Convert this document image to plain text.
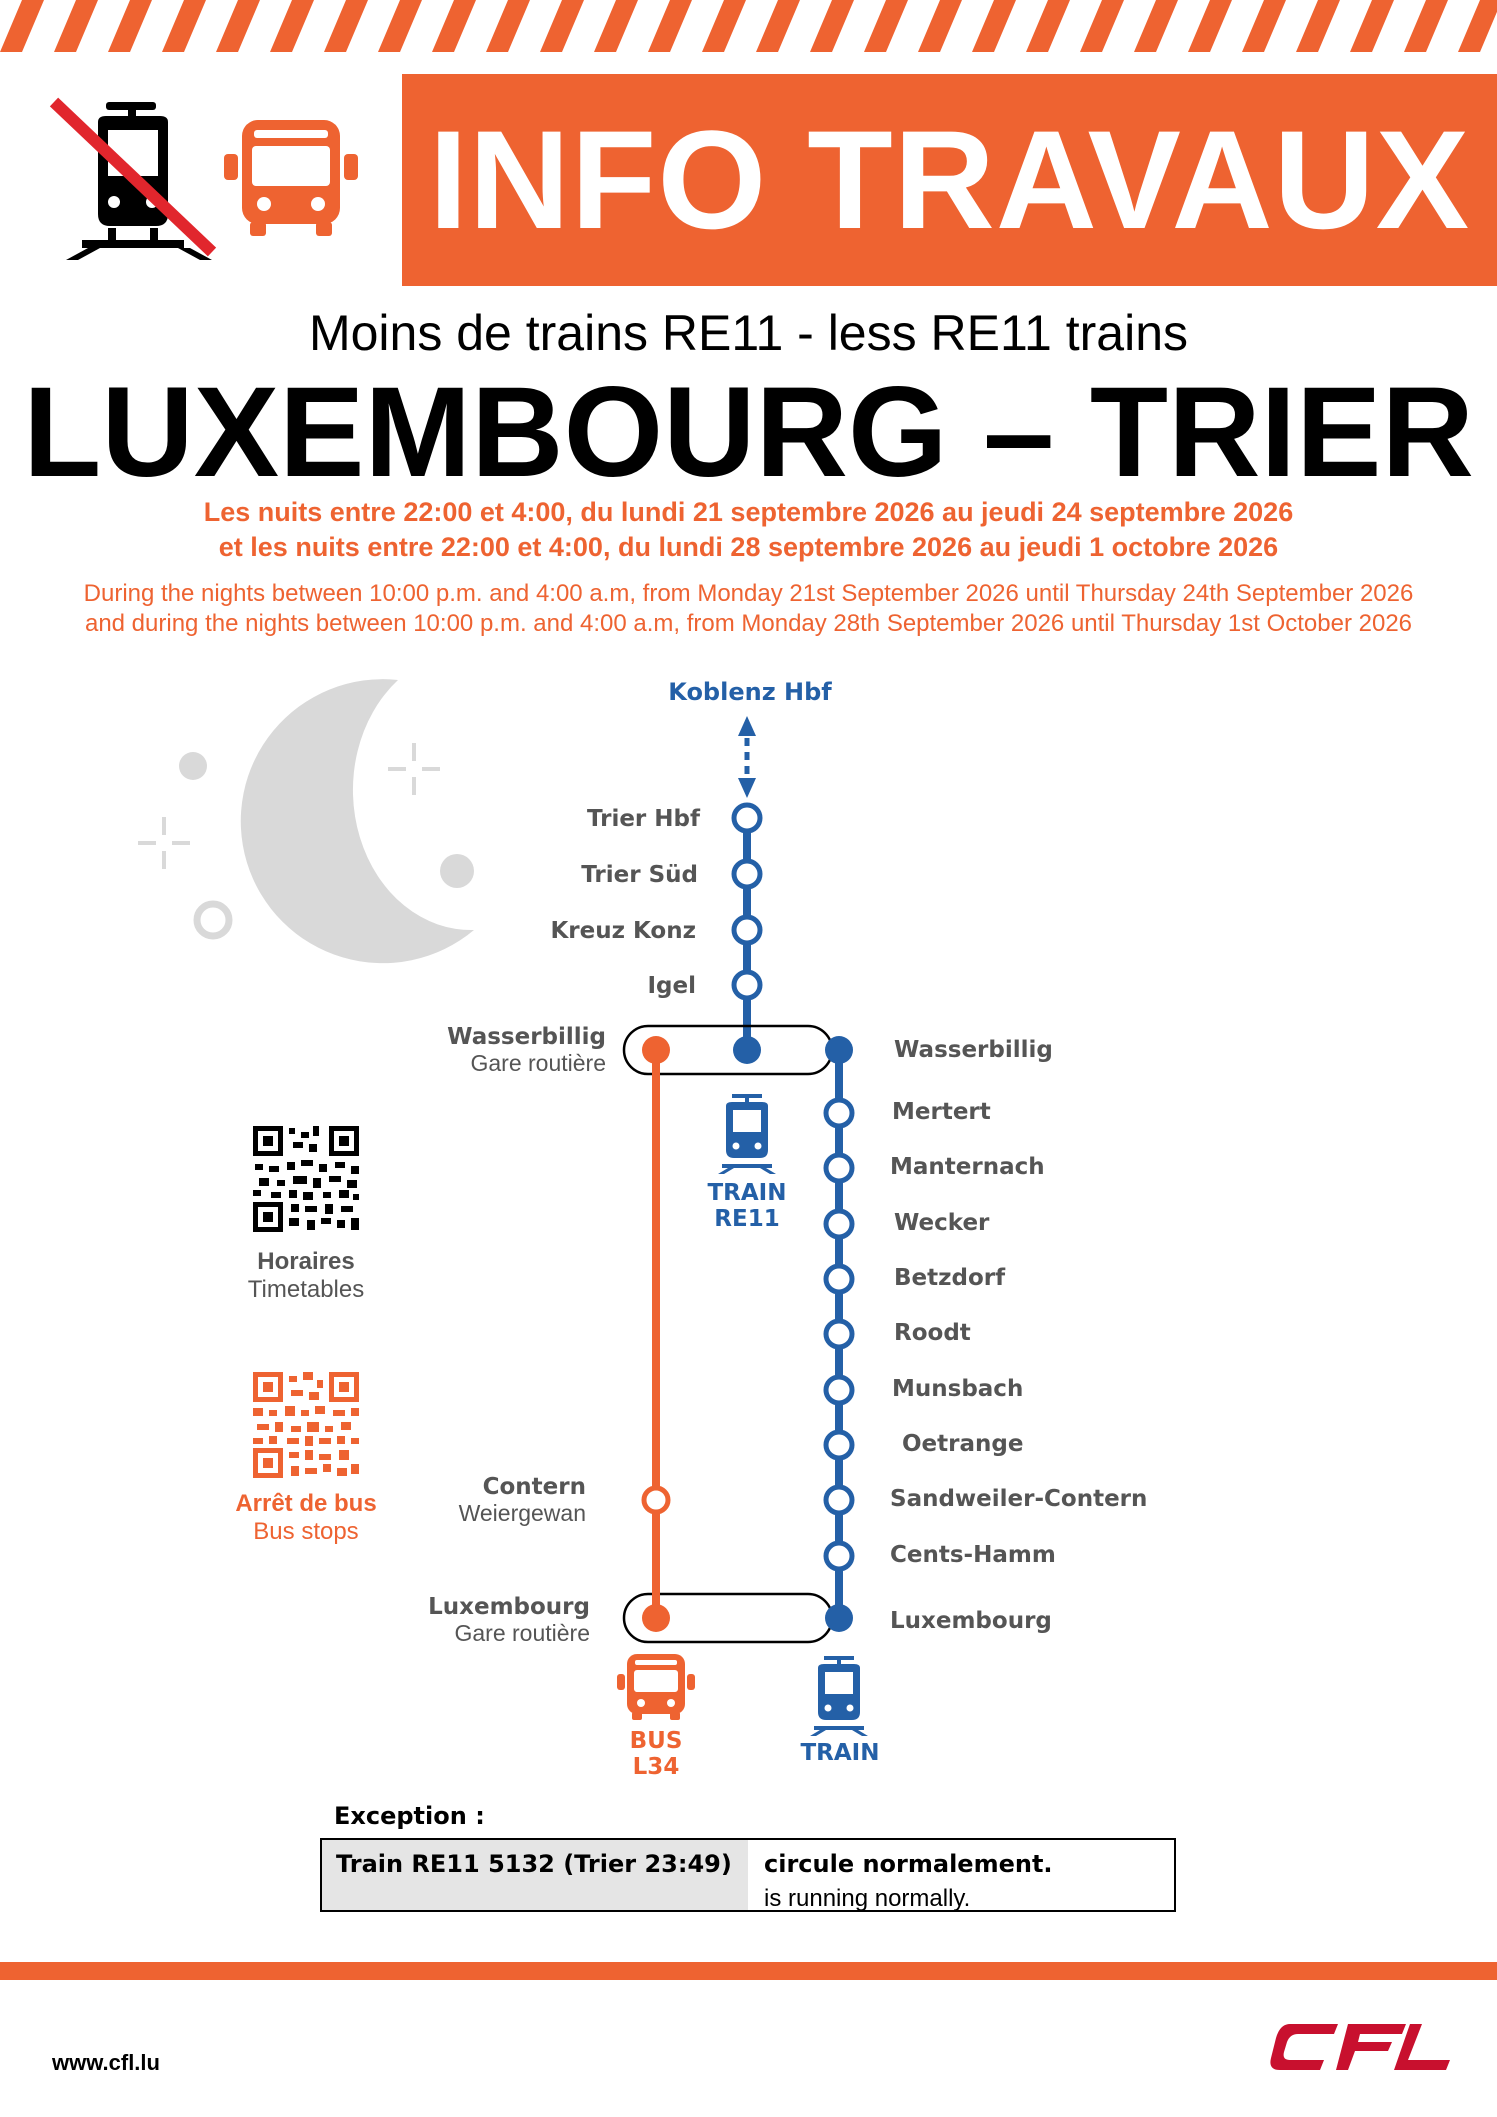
INFO TRAVAUX
Moins de trains RE11 - less RE11 trains
LUXEMBOURG – TRIER
Les nuits entre 22:00 et 4:00, du lundi 21 septembre 2026 au jeudi 24 septembre 2026
et les nuits entre 22:00 et 4:00, du lundi 28 septembre 2026 au jeudi 1 octobre 2026
During the nights between 10:00 p.m. and 4:00 a.m, from Monday 21st September 2026 until Thursday 24th September 2026
and during the nights between 10:00 p.m. and 4:00 a.m, from Monday 28th September 2026 until Thursday 1st October 2026
Koblenz Hbf
Trier Hbf
Trier Süd
Kreuz Konz
Igel
Wasserbillig
Gare routière
Contern
Weiergewan
Luxembourg
Gare routière
Wasserbillig
Mertert
Manternach
Wecker
Betzdorf
Roodt
Munsbach
Oetrange
Sandweiler-Contern
Cents-Hamm
Luxembourg
TRAIN
RE11
BUS
L34
TRAIN
Horaires
Timetables
Arrêt de bus
Bus stops
Exception :
Train RE11 5132 (Trier 23:49)	circule normalement.
is running normally.
www.cfl.lu
